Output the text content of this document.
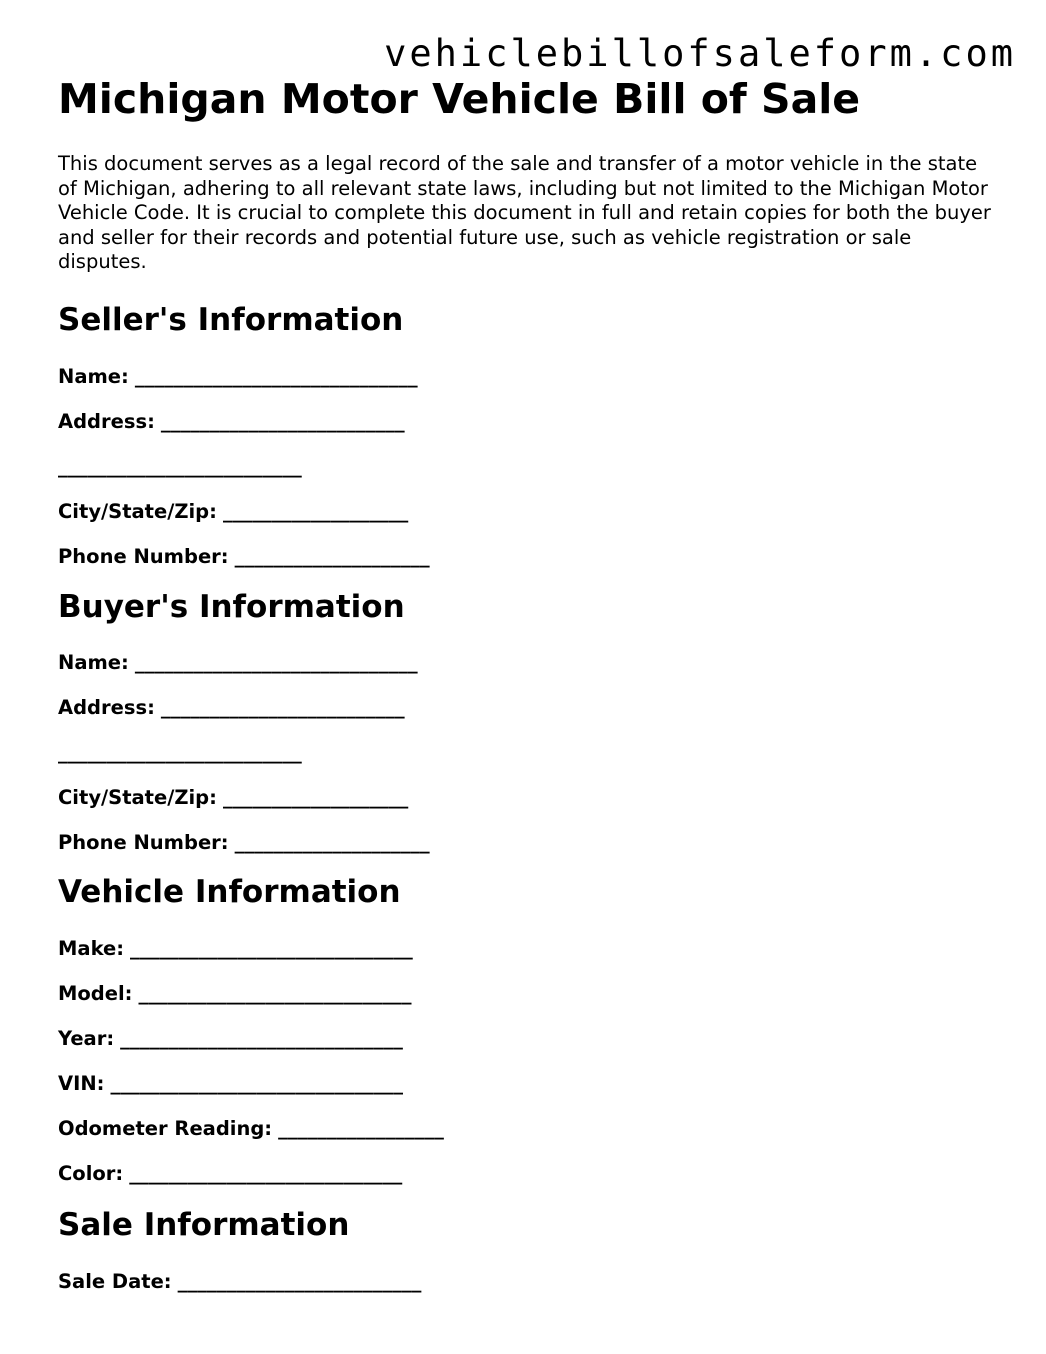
vehiclebillofsaleform.com
Michigan Motor Vehicle Bill of Sale

This document serves as a legal record of the sale and transfer of a motor vehicle in the state of Michigan, adhering to all relevant state laws, including but not limited to the Michigan Motor Vehicle Code. It is crucial to complete this document in full and retain copies for both the buyer and seller for their records and potential future use, such as vehicle registration or sale disputes.

Seller's Information
Name: _____________________________
Address: _________________________
_________________________
City/State/Zip: ___________________
Phone Number: ____________________
Buyer's Information
Name: _____________________________
Address: _________________________
_________________________
City/State/Zip: ___________________
Phone Number: ____________________
Vehicle Information
Make: _____________________________
Model: ____________________________
Year: _____________________________
VIN: ______________________________
Odometer Reading: _________________
Color: ____________________________
Sale Information
Sale Date: _________________________
